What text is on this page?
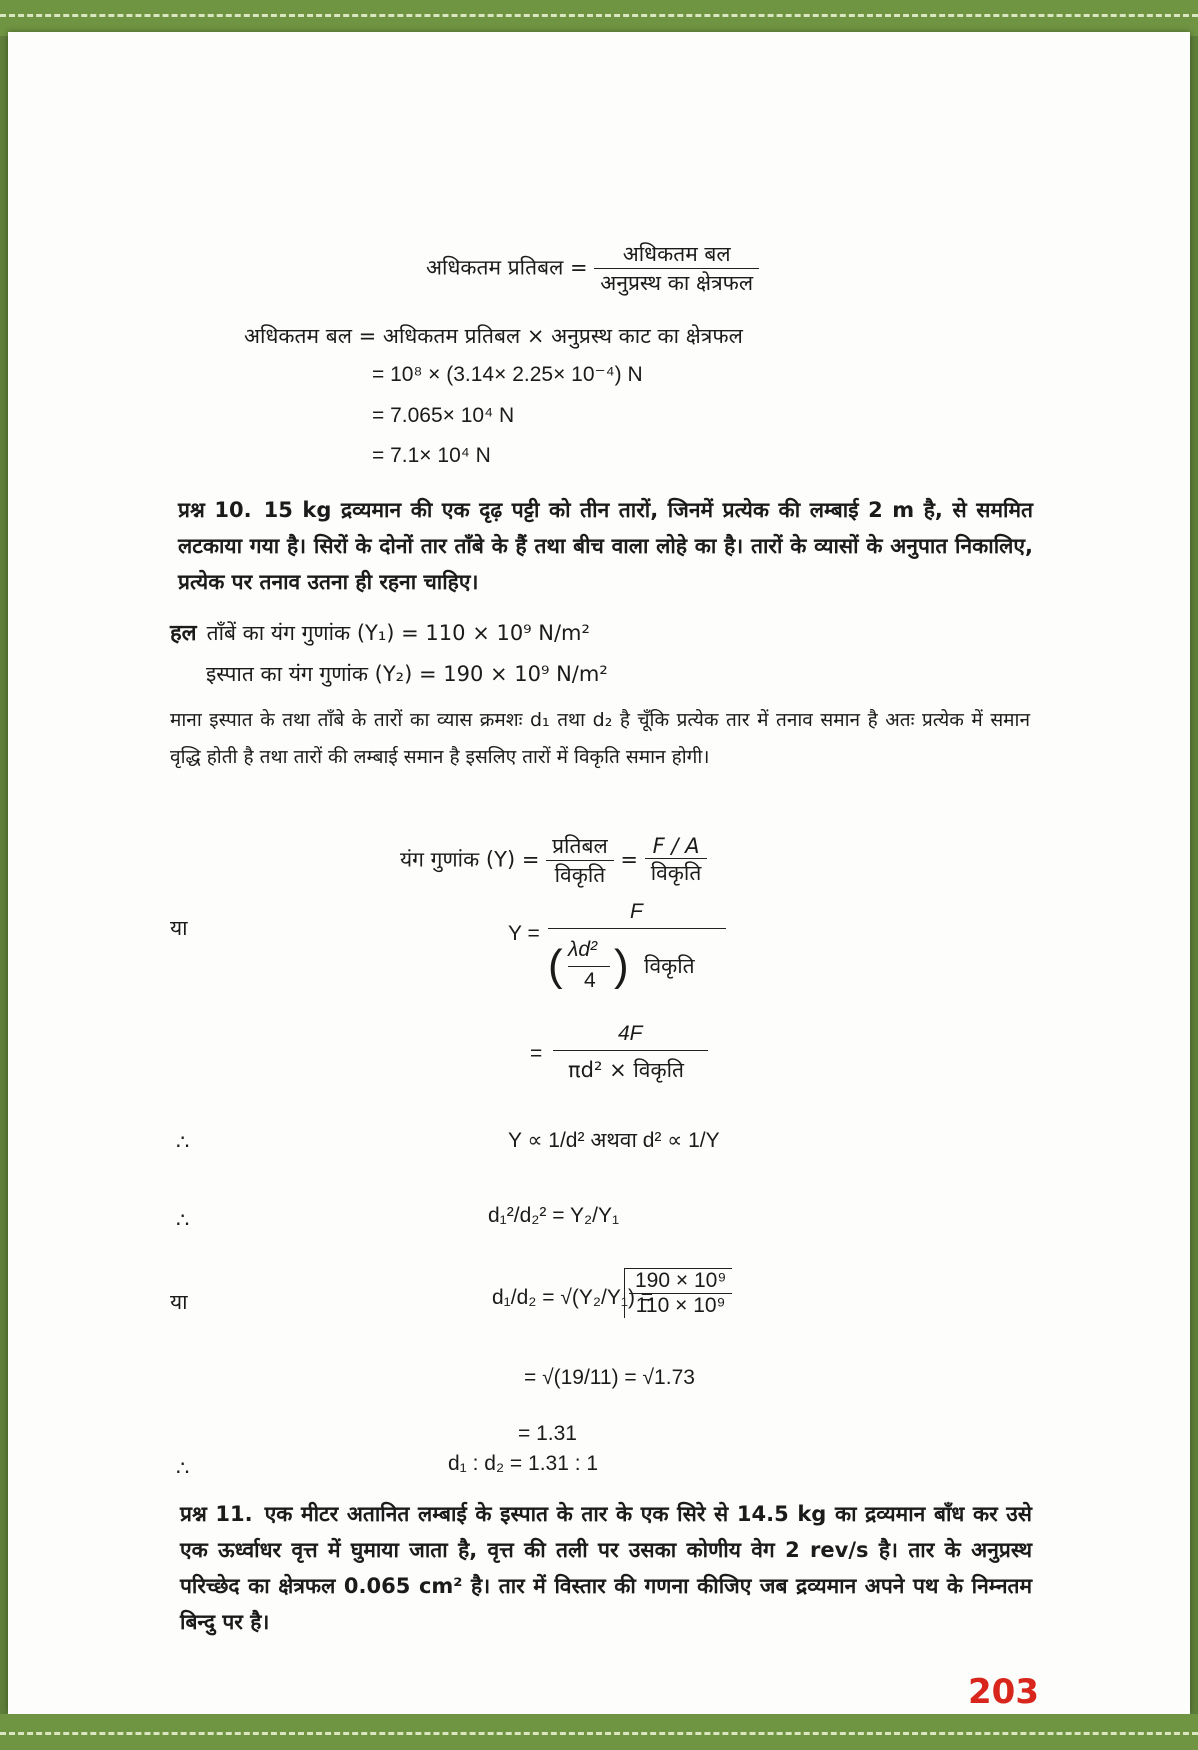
अधिकतम प्रतिबल = $\frac{\text{अधिकतम बल}}{\text{अनुप्रस्थ का क्षेत्रफल}}$
अधिकतम बल = अधिकतम प्रतिबल × अनुप्रस्थ काट का क्षेत्रफल
= 10⁸ × (3.14× 2.25× 10⁻⁴) N
= 7.065× 10⁴ N
= 7.1× 10⁴ N
प्रश्न 10. 15 kg द्रव्यमान की एक दृढ़ पट्टी को तीन तारों, जिनमें प्रत्येक की लम्बाई 2 m है, से सममित लटकाया गया है। सिरों के दोनों तार ताँबे के हैं तथा बीच वाला लोहे का है। तारों के व्यासों के अनुपात निकालिए, प्रत्येक पर तनाव उतना ही रहना चाहिए।
हल ताँबें का यंग गुणांक (Y₁) = 110 × 10⁹ N/m²
इस्पात का यंग गुणांक (Y₂) = 190 × 10⁹ N/m²
माना इस्पात के तथा ताँबे के तारों का व्यास क्रमशः d₁ तथा d₂ है चूँकि प्रत्येक तार में तनाव समान है अतः प्रत्येक में समान वृद्धि होती है तथा तारों की लम्बाई समान है इसलिए तारों में विकृति समान होगी।
यंग गुणांक $(Y) = \frac{\text{प्रतिबल}}{\text{विकृति}} = \frac{F / A}{\text{विकृति}}$
या	Y =
F
( λd²
4 ) विकृति
=
4F
πd² × विकृति
∴	Y ∝ 1/d² अथवा d² ∝ 1/Y
∴	d₁²/d₂² = Y₂/Y₁
या	d₁/d₂ = √(Y₂/Y₁) =
$\frac{\text{190 × 10⁹}}{\text{110 × 10⁹}}$
= √(19/11) = √1.73
= 1.31
∴	d₁ : d₂ = 1.31 : 1
प्रश्न 11. एक मीटर अतानित लम्बाई के इस्पात के तार के एक सिरे से 14.5 kg का द्रव्यमान बाँध कर उसे एक ऊर्ध्वाधर वृत्त में घुमाया जाता है, वृत्त की तली पर उसका कोणीय वेग 2 rev/s है। तार के अनुप्रस्थ परिच्छेद का क्षेत्रफल 0.065 cm² है। तार में विस्तार की गणना कीजिए जब द्रव्यमान अपने पथ के निम्नतम बिन्दु पर है।
203
